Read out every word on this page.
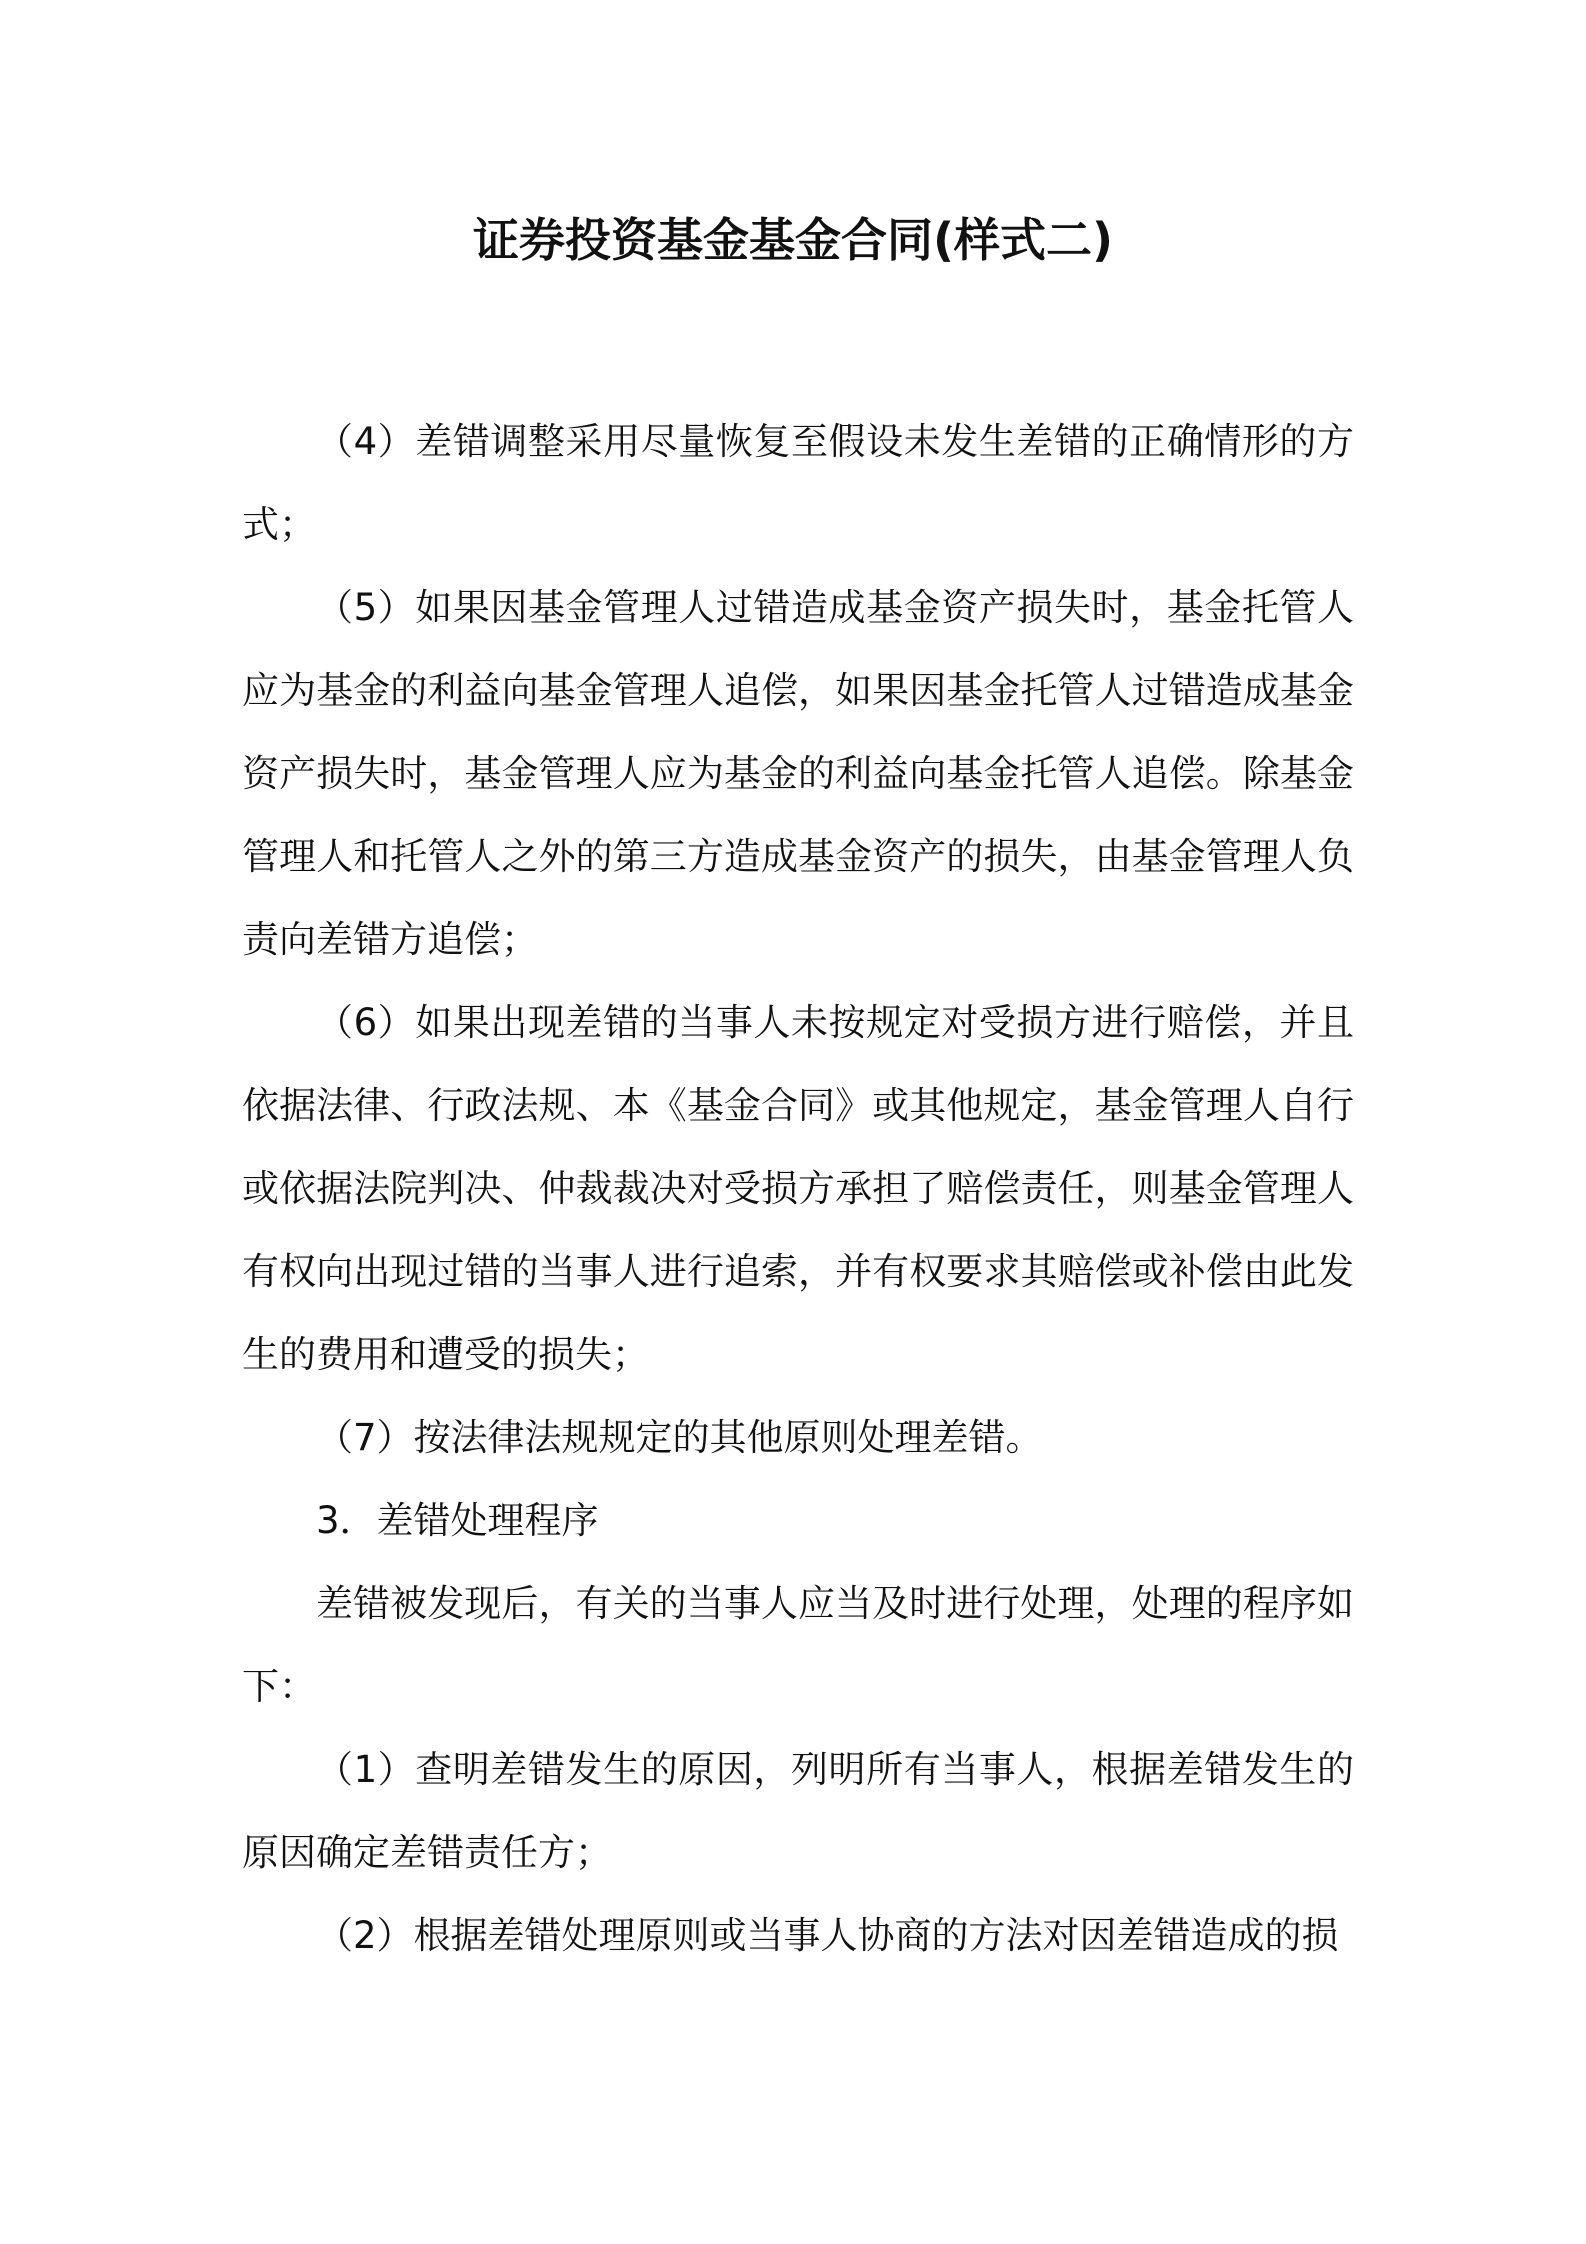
证券投资基金基金合同(样式二)

（4）差错调整采用尽量恢复至假设未发生差错的正确情形的方式；

（5）如果因基金管理人过错造成基金资产损失时，基金托管人应为基金的利益向基金管理人追偿，如果因基金托管人过错造成基金资产损失时，基金管理人应为基金的利益向基金托管人追偿。除基金管理人和托管人之外的第三方造成基金资产的损失，由基金管理人负责向差错方追偿；

（6）如果出现差错的当事人未按规定对受损方进行赔偿，并且依据法律、行政法规、本《基金合同》或其他规定，基金管理人自行或依据法院判决、仲裁裁决对受损方承担了赔偿责任，则基金管理人有权向出现过错的当事人进行追索，并有权要求其赔偿或补偿由此发生的费用和遭受的损失；

（7）按法律法规规定的其他原则处理差错。

3．差错处理程序

差错被发现后，有关的当事人应当及时进行处理，处理的程序如下：

（1）查明差错发生的原因，列明所有当事人，根据差错发生的原因确定差错责任方；

（2）根据差错处理原则或当事人协商的方法对因差错造成的损
